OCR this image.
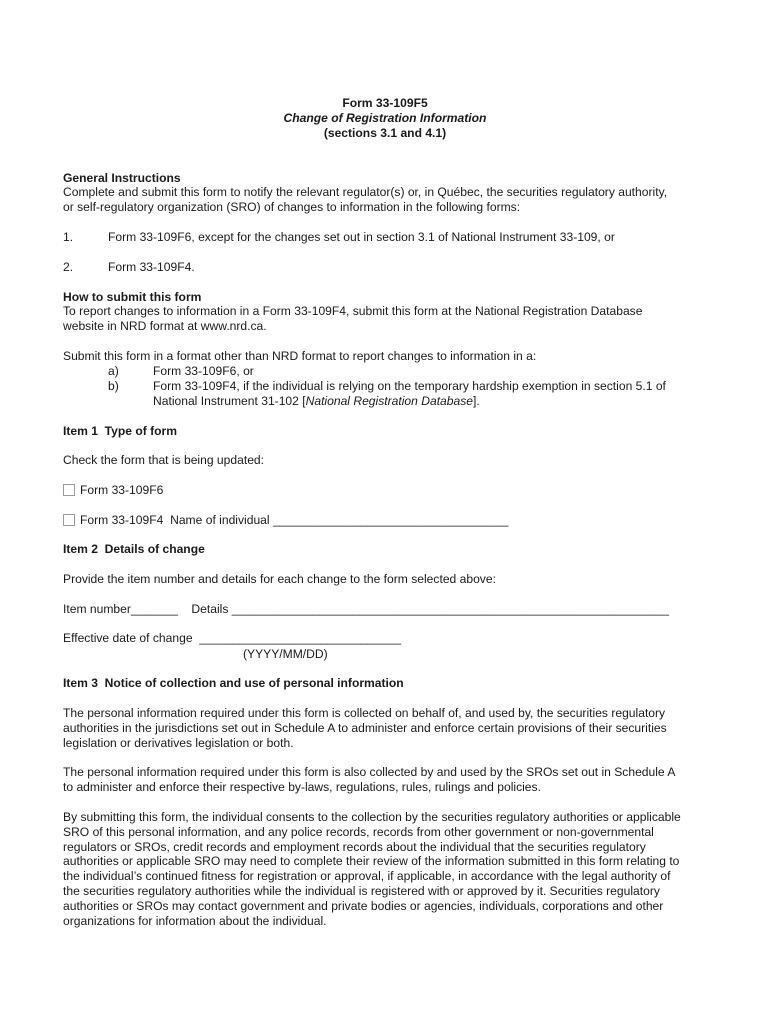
Form 33-109F5
Change of Registration Information
(sections 3.1 and 4.1)
General Instructions
Complete and submit this form to notify the relevant regulator(s) or, in Québec, the securities regulatory authority,
or self-regulatory organization (SRO) of changes to information in the following forms:
1.	Form 33-109F6, except for the changes set out in section 3.1 of National Instrument 33-109, or
2.	Form 33-109F4.
How to submit this form
To report changes to information in a Form 33-109F4, submit this form at the National Registration Database
website in NRD format at www.nrd.ca.
Submit this form in a format other than NRD format to report changes to information in a:
a)	Form 33-109F6, or
b)	Form 33-109F4, if the individual is relying on the temporary hardship exemption in section 5.1 of
National Instrument 31-102 [National Registration Database].
Item 1  Type of form
Check the form that is being updated:
Form 33-109F6
Form 33-109F4 Name of individual ___________________________________
Item 2  Details of change
Provide the item number and details for each change to the form selected above:
Item number_______ Details _________________________________________________________________
Effective date of change  ______________________________
(YYYY/MM/DD)
Item 3  Notice of collection and use of personal information
The personal information required under this form is collected on behalf of, and used by, the securities regulatory
authorities in the jurisdictions set out in Schedule A to administer and enforce certain provisions of their securities
legislation or derivatives legislation or both.
The personal information required under this form is also collected by and used by the SROs set out in Schedule A
to administer and enforce their respective by-laws, regulations, rules, rulings and policies.
By submitting this form, the individual consents to the collection by the securities regulatory authorities or applicable
SRO of this personal information, and any police records, records from other government or non-governmental
regulators or SROs, credit records and employment records about the individual that the securities regulatory
authorities or applicable SRO may need to complete their review of the information submitted in this form relating to
the individual’s continued fitness for registration or approval, if applicable, in accordance with the legal authority of
the securities regulatory authorities while the individual is registered with or approved by it. Securities regulatory
authorities or SROs may contact government and private bodies or agencies, individuals, corporations and other
organizations for information about the individual.
